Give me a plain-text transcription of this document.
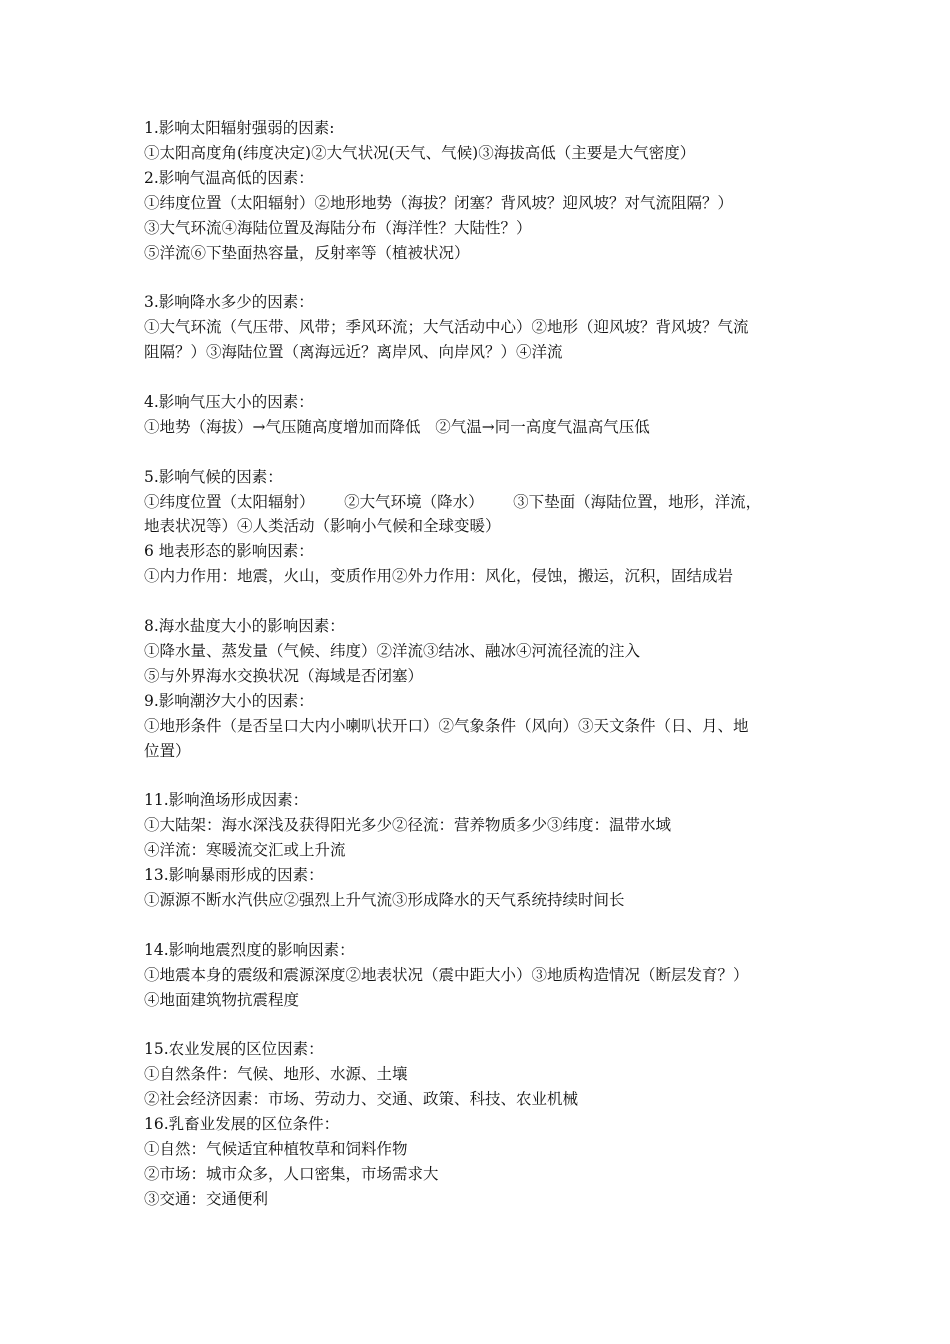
1.影响太阳辐射强弱的因素:

①太阳高度角(纬度决定)②大气状况(天气、气候)③海拔高低（主要是大气密度）

2.影响气温高低的因素：

①纬度位置（太阳辐射）②地形地势（海拔？闭塞？背风坡？迎风坡？对气流阻隔？）

③大气环流④海陆位置及海陆分布（海洋性？大陆性？）

⑤洋流⑥下垫面热容量，反射率等（植被状况）

3.影响降水多少的因素：

①大气环流（气压带、风带；季风环流；大气活动中心）②地形（迎风坡？背风坡？气流

阻隔？）③海陆位置（离海远近？离岸风、向岸风？）④洋流

4.影响气压大小的因素：

①地势（海拔）→气压随高度增加而降低   ②气温→同一高度气温高气压低

5.影响气候的因素：

①纬度位置（太阳辐射）      ②大气环境（降水）      ③下垫面（海陆位置，地形，洋流，

地表状况等）④人类活动（影响小气候和全球变暖）

6 地表形态的影响因素：

①内力作用：地震，火山，变质作用②外力作用：风化，侵蚀，搬运，沉积，固结成岩

8.海水盐度大小的影响因素：

①降水量、蒸发量（气候、纬度）②洋流③结冰、融冰④河流径流的注入

⑤与外界海水交换状况（海域是否闭塞）

9.影响潮汐大小的因素：

①地形条件（是否呈口大内小喇叭状开口）②气象条件（风向）③天文条件（日、月、地

位置）

11.影响渔场形成因素：

①大陆架：海水深浅及获得阳光多少②径流：营养物质多少③纬度：温带水域

④洋流：寒暖流交汇或上升流

13.影响暴雨形成的因素：

①源源不断水汽供应②强烈上升气流③形成降水的天气系统持续时间长

14.影响地震烈度的影响因素：

①地震本身的震级和震源深度②地表状况（震中距大小）③地质构造情况（断层发育？）

④地面建筑物抗震程度

15.农业发展的区位因素：

①自然条件：气候、地形、水源、土壤

②社会经济因素：市场、劳动力、交通、政策、科技、农业机械

16.乳畜业发展的区位条件：

①自然：气候适宜种植牧草和饲料作物

②市场：城市众多，人口密集，市场需求大

③交通：交通便利
